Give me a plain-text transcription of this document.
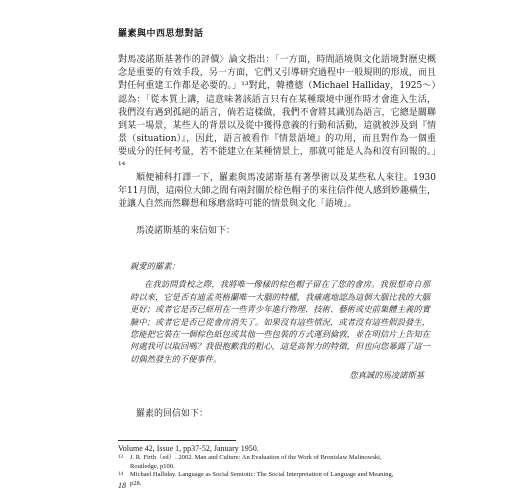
羅素與中西思想對話

對馬凌諾斯基著作的評價〉論文指出：「一方面，時間語境與文化語境對歷史概念是重要的有效手段，另一方面，它們又引導研究過程中一般規則的形成，而且對任何重建工作都是必要的。」¹³對此，韓禮德（Michael Halliday，1925～）認為：「從本質上講，這意味著該語言只有在某種環境中運作時才會進入生活，我們沒有遇到孤絕的語言，倘若這樣做，我們不會將其識別為語言，它總是關聯到某一場景，某些人的背景以及從中獲得意義的行動和活動，這就被涉及到『情景（situation）』，因此，語言被看作『情景語境』的功用，而且對作為一個重要成分的任何考量，若不能建立在某種情景上，那就可能是人為和沒有回報的。」¹⁴

順便補科打譯一下，羅素與馬凌諾斯基有著學術以及某些私人來往。1930年11月間，這兩位大師之間有兩封關於棕色帽子的來往信件使人感到妙趣橫生，並讓人自然而然聯想和琢磨當時可能的情景與文化「語境」。

馬凌諾斯基的來信如下：

親愛的羅素：

在我訪問貴校之際，我將唯一像樣的棕色帽子留在了您的會房。我很想奇自那時以來，它是否有迪孟英格蘭唯一大腦的特權，我確處地認為這個大腦比我的大腦更好；或者它是否已經用在一些青少年進行物理、技術、藝術或史前集體主義的實驗中；或者它是否已從會房消失了。如果沒有這些情況，或者沒有這些假設發生，您能把它裝在一個棕色紙包或其他一些包裝的方式運到倫敦，並在明信片上告知在何處我可以取回嗎？我很抱歉我的粗心，這是高智力的特徵，但也向您暴露了這一切偶然發生的不便事件。

您真誠的馬凌諾斯基

羅素的回信如下：

Volume 42, Issue 1, pp37-52, January 1950.

13 J. R. Firth（ed）. 2002. Man and Culture: An Evaluation of the Work of Bronislaw Malinowski,
Routledge, p100.

14 Michael Halliday. Language as Social Semiotic: The Social Interpretation of Language and Meaning,
p28.

18
